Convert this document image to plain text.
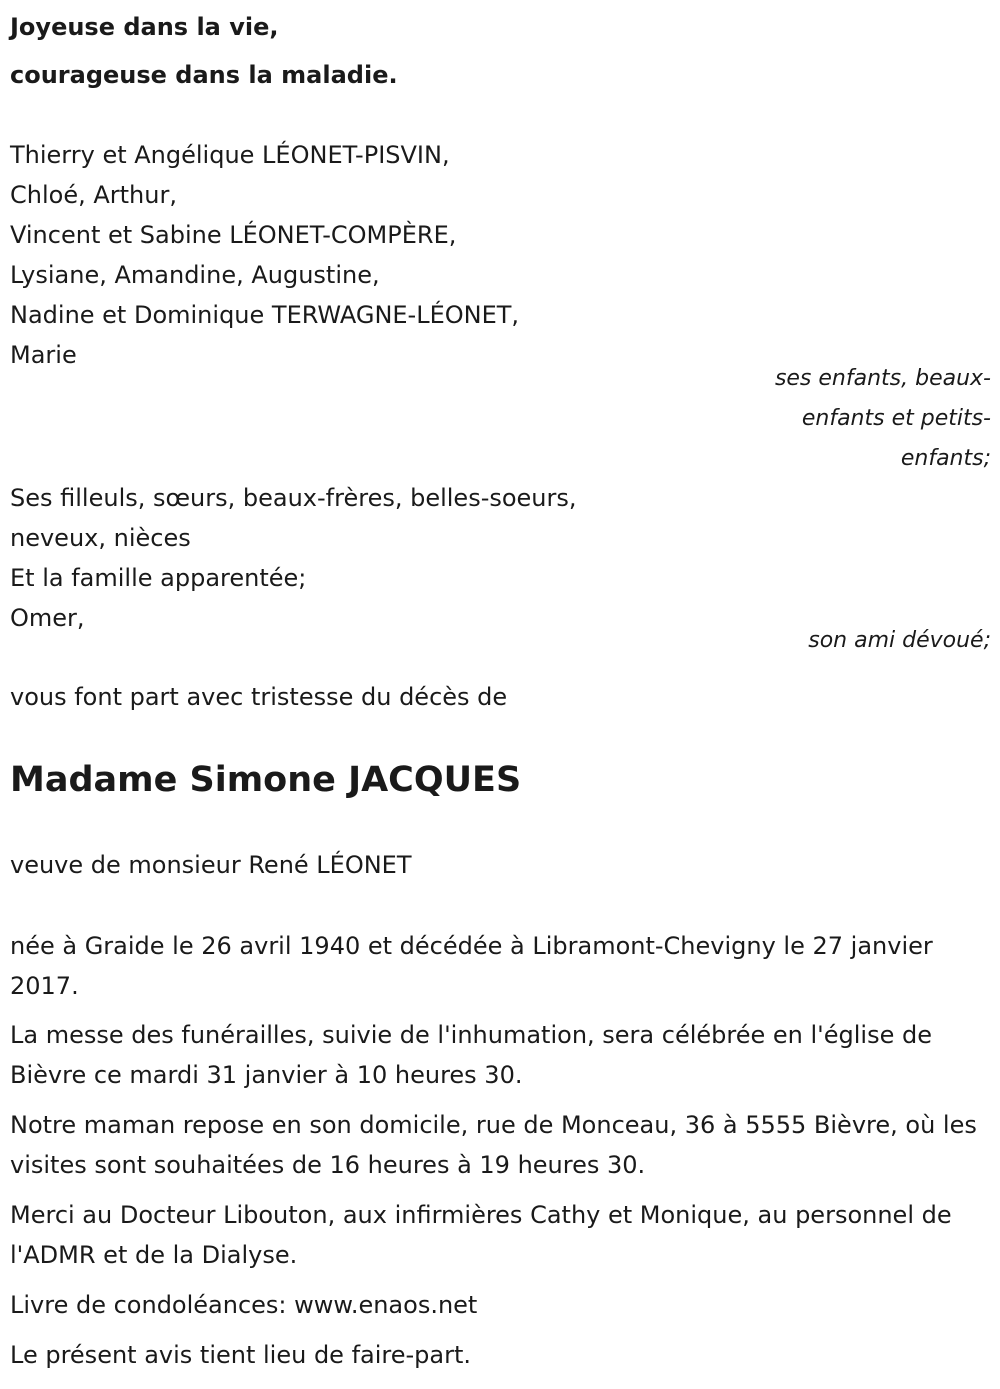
Joyeuse dans la vie,

courageuse dans la maladie.

Thierry et Angélique LÉONET-PISVIN,

Chloé, Arthur,

Vincent et Sabine LÉONET-COMPÈRE,

Lysiane, Amandine, Augustine,

Nadine et Dominique TERWAGNE-LÉONET,

Marie

ses enfants, beaux-
enfants et petits-
enfants;

Ses filleuls, sœurs, beaux-frères, belles-soeurs,

neveux, nièces

Et la famille apparentée;

Omer,

son ami dévoué;

vous font part avec tristesse du décès de

Madame Simone JACQUES

veuve de monsieur René LÉONET

née à Graide le 26 avril 1940 et décédée à Libramont-Chevigny le 27 janvier 2017.

La messe des funérailles, suivie de l'inhumation, sera célébrée en l'église de Bièvre ce mardi 31 janvier à 10 heures 30.

Notre maman repose en son domicile, rue de Monceau, 36 à 5555 Bièvre, où les visites sont souhaitées de 16 heures à 19 heures 30.

Merci au Docteur Libouton, aux infirmières Cathy et Monique, au personnel de l'ADMR et de la Dialyse.

Livre de condoléances: www.enaos.net

Le présent avis tient lieu de faire-part.
